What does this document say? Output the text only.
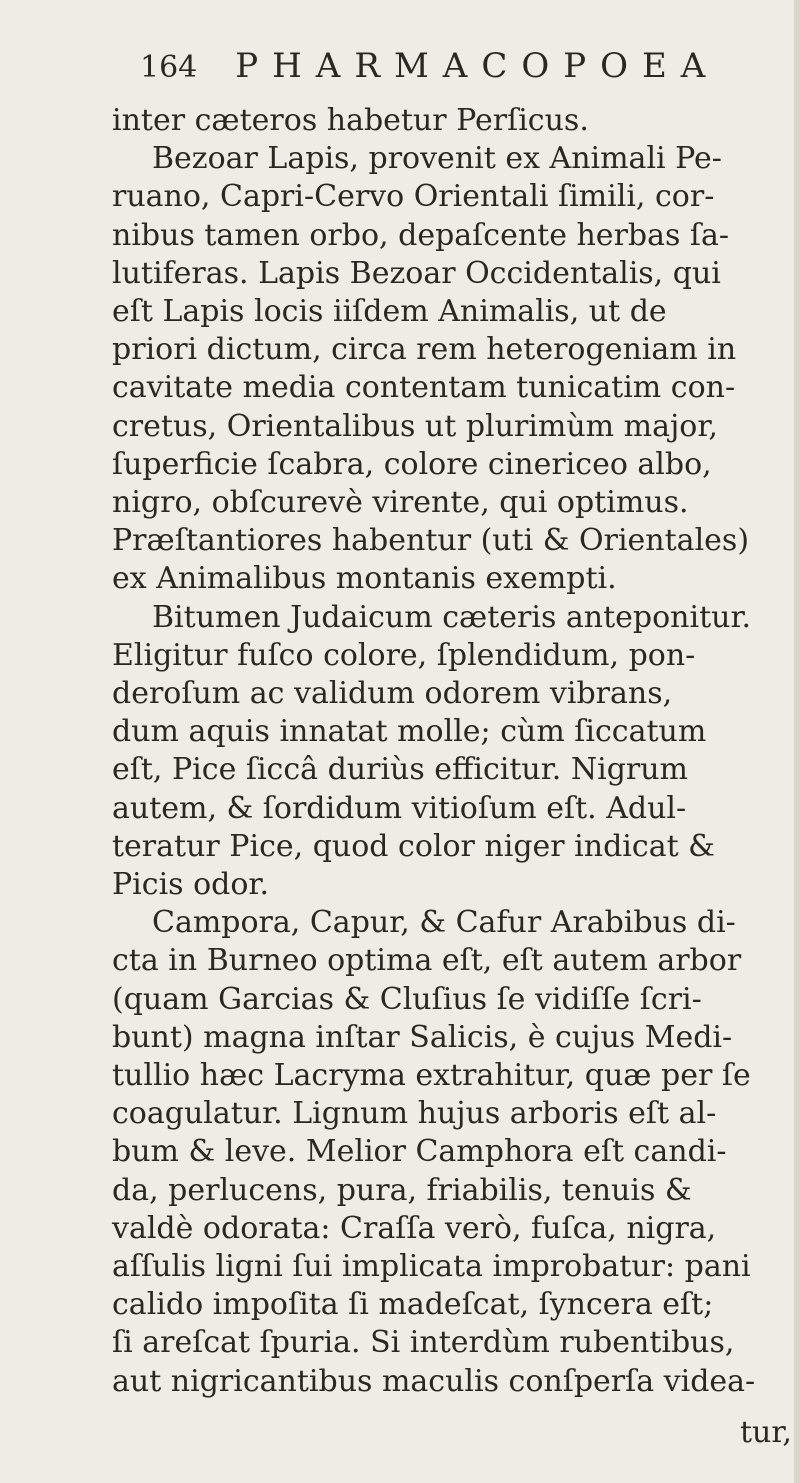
164 PHARMACOPOEA
inter cæteros habetur Perſicus.
Bezoar Lapis, provenit ex Animali Pe-
ruano, Capri-Cervo Orientali ſimili, cor-
nibus tamen orbo, depaſcente herbas ſa-
lutiferas. Lapis Bezoar Occidentalis, qui
eſt Lapis locis iiſdem Animalis, ut de
priori dictum, circa rem heterogeniam in
cavitate media contentam tunicatim con-
cretus, Orientalibus ut plurimùm major,
ſuperficie ſcabra, colore cinericeo albo,
nigro, obſcurevè virente, qui optimus.
Præſtantiores habentur (uti & Orientales)
ex Animalibus montanis exempti.
Bitumen Judaicum cæteris anteponitur.
Eligitur fuſco colore, ſplendidum, pon-
deroſum ac validum odorem vibrans,
dum aquis innatat molle; cùm ſiccatum
eſt, Pice ſiccâ duriùs efficitur. Nigrum
autem, & ſordidum vitioſum eſt. Adul-
teratur Pice, quod color niger indicat &
Picis odor.
Campora, Capur, & Cafur Arabibus di-
cta in Burneo optima eſt, eſt autem arbor
(quam Garcias & Cluſius ſe vidiſſe ſcri-
bunt) magna inſtar Salicis, è cujus Medi-
tullio hæc Lacryma extrahitur, quæ per ſe
coagulatur. Lignum hujus arboris eſt al-
bum & leve. Melior Camphora eſt candi-
da, perlucens, pura, friabilis, tenuis &
valdè odorata: Craſſa verò, fuſca, nigra,
aſſulis ligni ſui implicata improbatur: pani
calido impoſita ſi madeſcat, ſyncera eſt;
ſi areſcat ſpuria. Si interdùm rubentibus,
aut nigricantibus maculis conſperſa videa-
tur,
